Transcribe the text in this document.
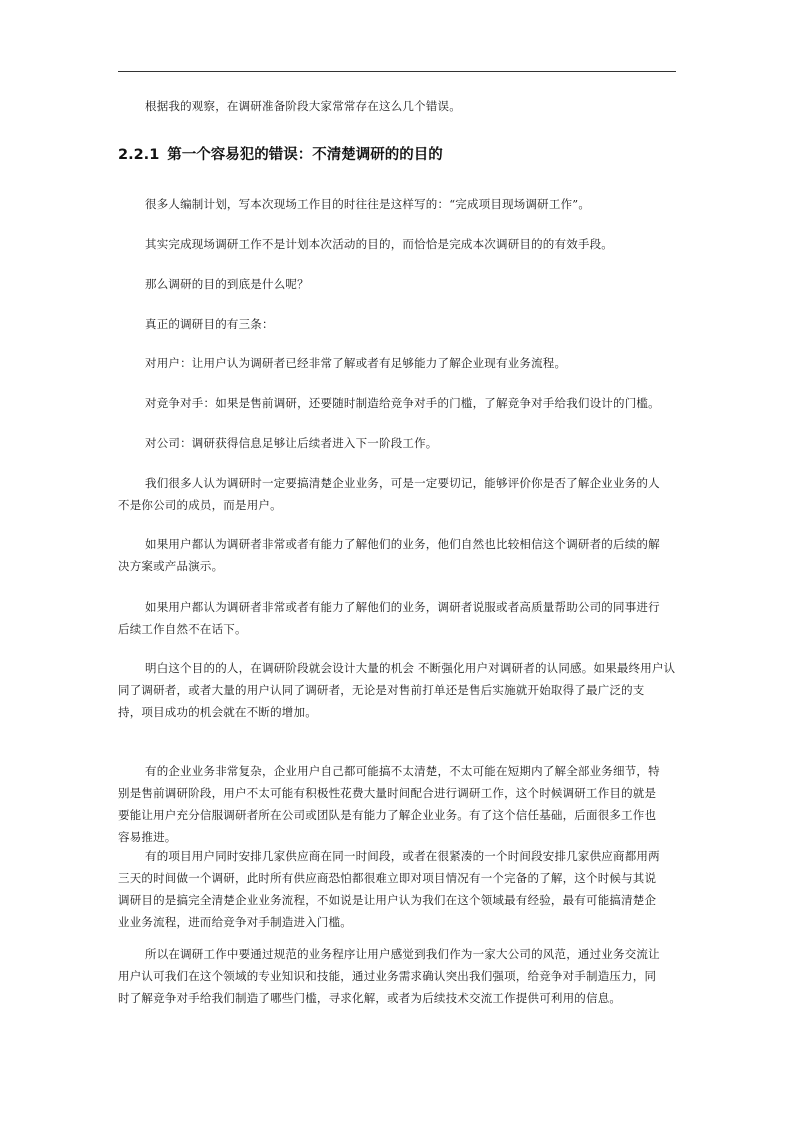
根据我的观察，在调研准备阶段大家常常存在这么几个错误。

2.2.1 第一个容易犯的错误：不清楚调研的的目的

很多人编制计划，写本次现场工作目的时往往是这样写的：“完成项目现场调研工作”。

其实完成现场调研工作不是计划本次活动的目的，而恰恰是完成本次调研目的的有效手段。

那么调研的目的到底是什么呢？

真正的调研目的有三条：

对用户：让用户认为调研者已经非常了解或者有足够能力了解企业现有业务流程。

对竞争对手：如果是售前调研，还要随时制造给竞争对手的门槛，了解竞争对手给我们设计的门槛。

对公司：调研获得信息足够让后续者进入下一阶段工作。

我们很多人认为调研时一定要搞清楚企业业务，可是一定要切记，能够评价你是否了解企业业务的人

不是你公司的成员，而是用户。

如果用户都认为调研者非常或者有能力了解他们的业务，他们自然也比较相信这个调研者的后续的解

决方案或产品演示。

如果用户都认为调研者非常或者有能力了解他们的业务，调研者说服或者高质量帮助公司的同事进行

后续工作自然不在话下。

明白这个目的的人，在调研阶段就会设计大量的机会 不断强化用户对调研者的认同感。如果最终用户认

同了调研者，或者大量的用户认同了调研者，无论是对售前打单还是售后实施就开始取得了最广泛的支

持，项目成功的机会就在不断的增加。

有的企业业务非常复杂，企业用户自己都可能搞不太清楚，不太可能在短期内了解全部业务细节，特

别是售前调研阶段，用户不太可能有积极性花费大量时间配合进行调研工作，这个时候调研工作目的就是

要能让用户充分信服调研者所在公司或团队是有能力了解企业业务。有了这个信任基础，后面很多工作也

容易推进。

有的项目用户同时安排几家供应商在同一时间段，或者在很紧凑的一个时间段安排几家供应商都用两

三天的时间做一个调研，此时所有供应商恐怕都很难立即对项目情况有一个完备的了解，这个时候与其说

调研目的是搞完全清楚企业业务流程，不如说是让用户认为我们在这个领域最有经验，最有可能搞清楚企

业业务流程，进而给竞争对手制造进入门槛。

所以在调研工作中要通过规范的业务程序让用户感觉到我们作为一家大公司的风范，通过业务交流让

用户认可我们在这个领域的专业知识和技能，通过业务需求确认突出我们强项，给竞争对手制造压力，同

时了解竞争对手给我们制造了哪些门槛，寻求化解，或者为后续技术交流工作提供可利用的信息。
